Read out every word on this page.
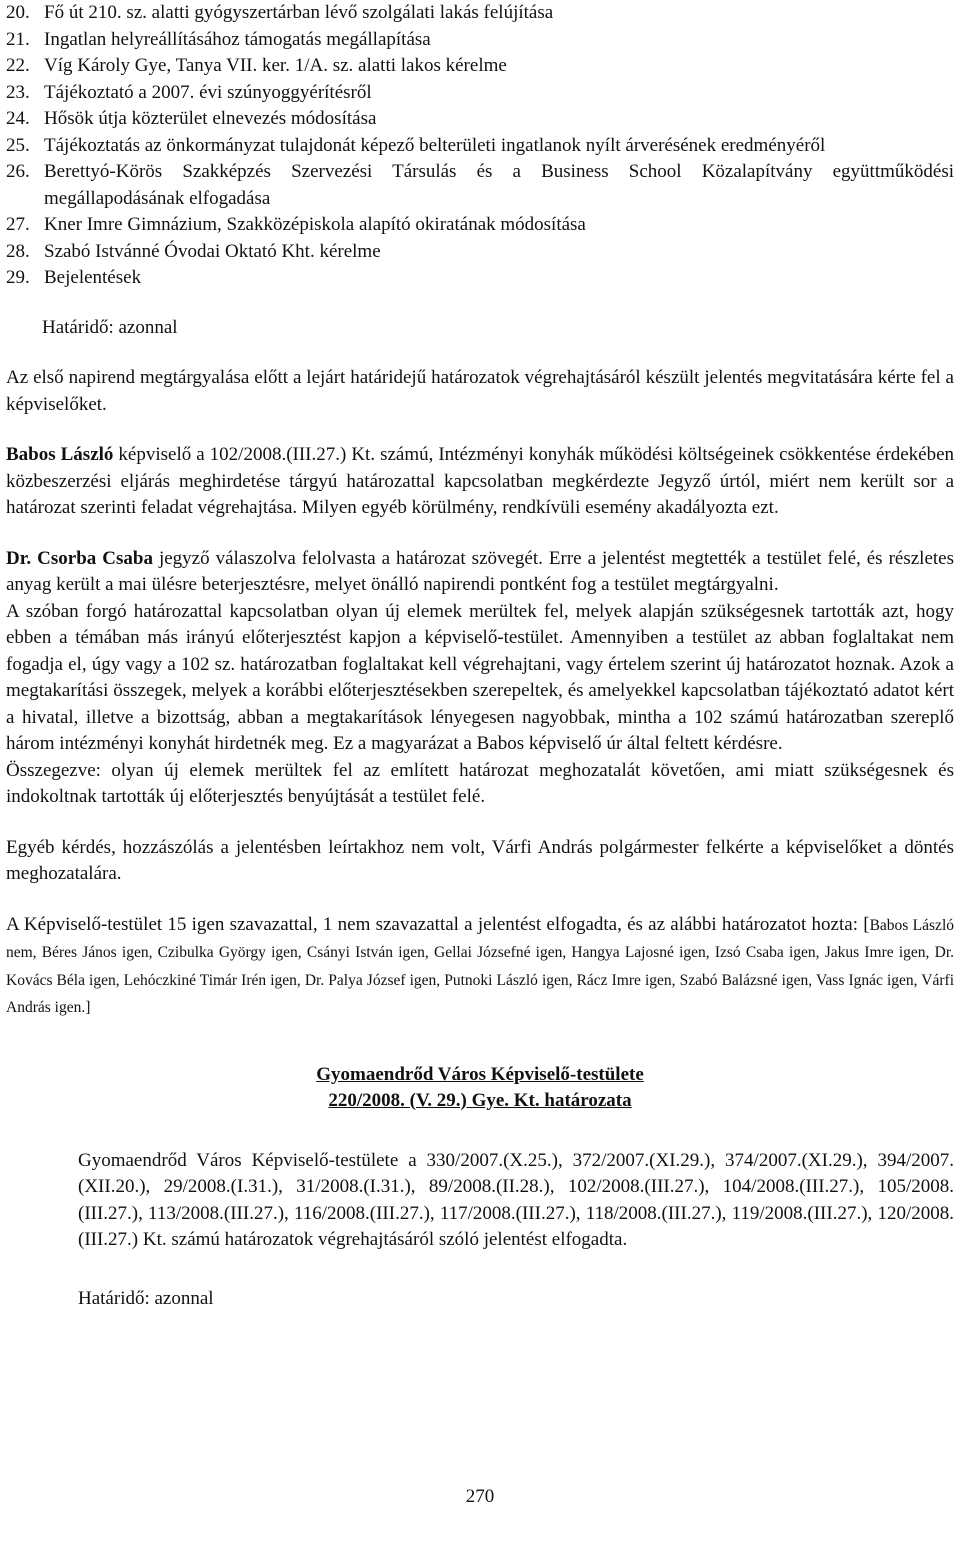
20. Fő út 210. sz. alatti gyógyszertárban lévő szolgálati lakás felújítása
21. Ingatlan helyreállításához támogatás megállapítása
22. Víg Károly Gye, Tanya VII. ker. 1/A. sz. alatti lakos kérelme
23. Tájékoztató a 2007. évi szúnyoggyérítésről
24. Hősök útja közterület elnevezés módosítása
25. Tájékoztatás az önkormányzat tulajdonát képező belterületi ingatlanok nyílt árverésének eredményéről
26. Berettyó-Körös Szakképzés Szervezési Társulás és a Business School Közalapítvány együttműködési megállapodásának elfogadása
27. Kner Imre Gimnázium, Szakközépiskola alapító okiratának módosítása
28. Szabó Istvánné Óvodai Oktató Kht. kérelme
29. Bejelentések

Határidő: azonnal

Az első napirend megtárgyalása előtt a lejárt határidejű határozatok végrehajtásáról készült jelentés megvitatására kérte fel a képviselőket.

Babos László képviselő a 102/2008.(III.27.) Kt. számú, Intézményi konyhák működési költségeinek csökkentése érdekében közbeszerzési eljárás meghirdetése tárgyú határozattal kapcsolatban megkérdezte Jegyző úrtól, miért nem került sor a határozat szerinti feladat végrehajtása. Milyen egyéb körülmény, rendkívüli esemény akadályozta ezt.

Dr. Csorba Csaba jegyző válaszolva felolvasta a határozat szövegét. Erre a jelentést megtették a testület felé, és részletes anyag került a mai ülésre beterjesztésre, melyet önálló napirendi pontként fog a testület megtárgyalni.

A szóban forgó határozattal kapcsolatban olyan új elemek merültek fel, melyek alapján szükségesnek tartották azt, hogy ebben a témában más irányú előterjesztést kapjon a képviselő-testület. Amennyiben a testület az abban foglaltakat nem fogadja el, úgy vagy a 102 sz. határozatban foglaltakat kell végrehajtani, vagy értelem szerint új határozatot hoznak. Azok a megtakarítási összegek, melyek a korábbi előterjesztésekben szerepeltek, és amelyekkel kapcsolatban tájékoztató adatot kért a hivatal, illetve a bizottság, abban a megtakarítások lényegesen nagyobbak, mintha a 102 számú határozatban szereplő három intézményi konyhát hirdetnék meg. Ez a magyarázat a Babos képviselő úr által feltett kérdésre.

Összegezve: olyan új elemek merültek fel az említett határozat meghozatalát követően, ami miatt szükségesnek és indokoltnak tartották új előterjesztés benyújtását a testület felé.

Egyéb kérdés, hozzászólás a jelentésben leírtakhoz nem volt, Várfi András polgármester felkérte a képviselőket a döntés meghozatalára.

A Képviselő-testület 15 igen szavazattal, 1 nem szavazattal a jelentést elfogadta, és az alábbi határozatot hozta: [Babos László nem, Béres János igen, Czibulka György igen, Csányi István igen, Gellai Józsefné igen, Hangya Lajosné igen, Izsó Csaba igen, Jakus Imre igen, Dr. Kovács Béla igen, Lehóczkiné Timár Irén igen, Dr. Palya József igen, Putnoki László igen, Rácz Imre igen, Szabó Balázsné igen, Vass Ignác igen, Várfi András igen.]

Gyomaendrőd Város Képviselő-testülete
220/2008. (V. 29.) Gye. Kt. határozata

Gyomaendrőd Város Képviselő-testülete a 330/2007.(X.25.), 372/2007.(XI.29.), 374/2007.(XI.29.), 394/2007.(XII.20.), 29/2008.(I.31.), 31/2008.(I.31.), 89/2008.(II.28.), 102/2008.(III.27.), 104/2008.(III.27.), 105/2008.(III.27.), 113/2008.(III.27.), 116/2008.(III.27.), 117/2008.(III.27.), 118/2008.(III.27.), 119/2008.(III.27.), 120/2008.(III.27.) Kt. számú határozatok végrehajtásáról szóló jelentést elfogadta.

Határidő: azonnal

270
